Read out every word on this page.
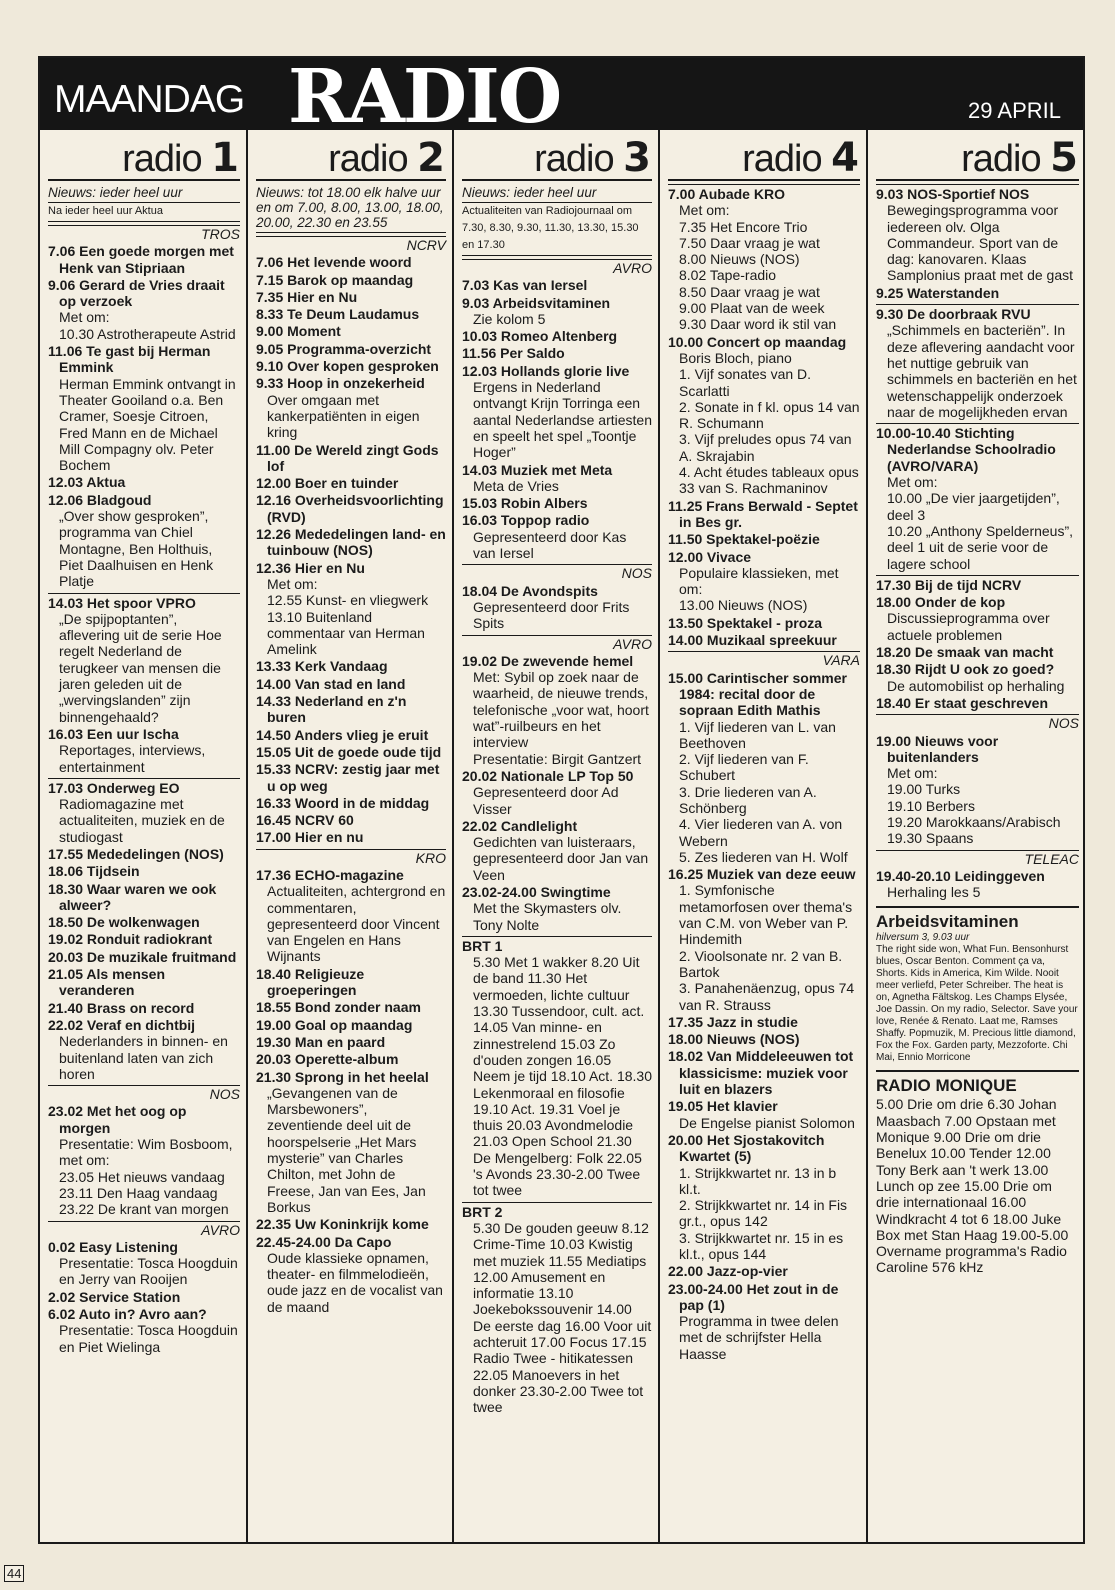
MAANDAG RADIO	29 APRIL
radio 1
Nieuws: ieder heel uur
Na ieder heel uur Aktua
TROS
7.06 Een goede morgen met Henk van Stipriaan
9.06 Gerard de Vries draait op verzoek
Met om:
10.30 Astrotherapeute Astrid
11.06 Te gast bij Herman Emmink
Herman Emmink ontvangt in Theater Gooiland o.a. Ben Cramer, Soesje Citroen, Fred Mann en de Michael Mill Compagny olv. Peter Bochem
12.03 Aktua
12.06 Bladgoud
„Over show gesproken”, programma van Chiel Montagne, Ben Holthuis, Piet Daalhuisen en Henk Platje
14.03 Het spoor VPRO
„De spijpoptanten”, aflevering uit de serie Hoe regelt Nederland de terugkeer van mensen die jaren geleden uit de „wervingslanden” zijn binnengehaald?
16.03 Een uur Ischa
Reportages, interviews, entertainment
17.03 Onderweg EO
Radiomagazine met actualiteiten, muziek en de studiogast
17.55 Mededelingen (NOS)
18.06 Tijdsein
18.30 Waar waren we ook alweer?
18.50 De wolkenwagen
19.02 Ronduit radiokrant
20.03 De muzikale fruitmand
21.05 Als mensen veranderen
21.40 Brass on record
22.02 Veraf en dichtbij
Nederlanders in binnen- en buitenland laten van zich horen
NOS
23.02 Met het oog op morgen
Presentatie: Wim Bosboom, met om:
23.05 Het nieuws vandaag
23.11 Den Haag vandaag
23.22 De krant van morgen
AVRO
0.02 Easy Listening
Presentatie: Tosca Hoogduin en Jerry van Rooijen
2.02 Service Station
6.02 Auto in? Avro aan?
Presentatie: Tosca Hoogduin en Piet Wielinga
radio 2
Nieuws: tot 18.00 elk halve uur en om 7.00, 8.00, 13.00, 18.00, 20.00, 22.30 en 23.55
NCRV
7.06 Het levende woord
7.15 Barok op maandag
7.35 Hier en Nu
8.33 Te Deum Laudamus
9.00 Moment
9.05 Programma-overzicht
9.10 Over kopen gesproken
9.33 Hoop in onzekerheid
Over omgaan met kankerpatiënten in eigen kring
11.00 De Wereld zingt Gods lof
12.00 Boer en tuinder
12.16 Overheidsvoorlichting (RVD)
12.26 Mededelingen land- en tuinbouw (NOS)
12.36 Hier en Nu
Met om:
12.55 Kunst- en vliegwerk
13.10 Buitenland commentaar van Herman Amelink
13.33 Kerk Vandaag
14.00 Van stad en land
14.33 Nederland en z'n buren
14.50 Anders vlieg je eruit
15.05 Uit de goede oude tijd
15.33 NCRV: zestig jaar met u op weg
16.33 Woord in de middag
16.45 NCRV 60
17.00 Hier en nu
KRO
17.36 ECHO-magazine
Actualiteiten, achtergrond en commentaren, gepresenteerd door Vincent van Engelen en Hans Wijnants
18.40 Religieuze groeperingen
18.55 Bond zonder naam
19.00 Goal op maandag
19.30 Man en paard
20.03 Operette-album
21.30 Sprong in het heelal
„Gevangenen van de Marsbewoners”, zeventiende deel uit de hoorspelserie „Het Mars mysterie” van Charles Chilton, met John de Freese, Jan van Ees, Jan Borkus
22.35 Uw Koninkrijk kome
22.45-24.00 Da Capo
Oude klassieke opnamen, theater- en filmmelodieën, oude jazz en de vocalist van de maand
radio 3
Nieuws: ieder heel uur
Actualiteiten van Radiojournaal om 7.30, 8.30, 9.30, 11.30, 13.30, 15.30 en 17.30
AVRO
7.03 Kas van Iersel
9.03 Arbeidsvitaminen
Zie kolom 5
10.03 Romeo Altenberg
11.56 Per Saldo
12.03 Hollands glorie live
Ergens in Nederland ontvangt Krijn Torringa een aantal Nederlandse artiesten en speelt het spel „Toontje Hoger”
14.03 Muziek met Meta
Meta de Vries
15.03 Robin Albers
16.03 Toppop radio
Gepresenteerd door Kas van Iersel
NOS
18.04 De Avondspits
Gepresenteerd door Frits Spits
AVRO
19.02 De zwevende hemel
Met: Sybil op zoek naar de waarheid, de nieuwe trends, telefonische „voor wat, hoort wat”-ruilbeurs en het interview
Presentatie: Birgit Gantzert
20.02 Nationale LP Top 50
Gepresenteerd door Ad Visser
22.02 Candlelight
Gedichten van luisteraars, gepresenteerd door Jan van Veen
23.02-24.00 Swingtime
Met the Skymasters olv. Tony Nolte
BRT 1
5.30 Met 1 wakker 8.20 Uit de band 11.30 Het vermoeden, lichte cultuur 13.30 Tussendoor, cult. act. 14.05 Van minne- en zinnestrelend 15.03 Zo d'ouden zongen 16.05 Neem je tijd 18.10 Act. 18.30 Lekenmoraal en filosofie 19.10 Act. 19.31 Voel je thuis 20.03 Avondmelodie 21.03 Open School 21.30 De Mengelberg: Folk 22.05 's Avonds 23.30-2.00 Twee tot twee
BRT 2
5.30 De gouden geeuw 8.12 Crime-Time 10.03 Kwistig met muziek 11.55 Mediatips 12.00 Amusement en informatie 13.10 Joekebokssouvenir 14.00 De eerste dag 16.00 Voor uit achteruit 17.00 Focus 17.15 Radio Twee - hitikatessen 22.05 Manoevers in het donker 23.30-2.00 Twee tot twee
radio 4
7.00 Aubade KRO
Met om:
7.35 Het Encore Trio
7.50 Daar vraag je wat
8.00 Nieuws (NOS)
8.02 Tape-radio
8.50 Daar vraag je wat
9.00 Plaat van de week
9.30 Daar word ik stil van
10.00 Concert op maandag
Boris Bloch, piano
1. Vijf sonates van D. Scarlatti
2. Sonate in f kl. opus 14 van R. Schumann
3. Vijf preludes opus 74 van A. Skrajabin
4. Acht études tableaux opus 33 van S. Rachmaninov
11.25 Frans Berwald - Septet in Bes gr.
11.50 Spektakel-poëzie
12.00 Vivace
Populaire klassieken, met om:
13.00 Nieuws (NOS)
13.50 Spektakel - proza
14.00 Muzikaal spreekuur
VARA
15.00 Carintischer sommer 1984: recital door de sopraan Edith Mathis
1. Vijf liederen van L. van Beethoven
2. Vijf liederen van F. Schubert
3. Drie liederen van A. Schönberg
4. Vier liederen van A. von Webern
5. Zes liederen van H. Wolf
16.25 Muziek van deze eeuw
1. Symfonische metamorfosen over thema's van C.M. von Weber van P. Hindemith
2. Vioolsonate nr. 2 van B. Bartok
3. Panahenäenzug, opus 74 van R. Strauss
17.35 Jazz in studie
18.00 Nieuws (NOS)
18.02 Van Middeleeuwen tot klassicisme: muziek voor luit en blazers
19.05 Het klavier
De Engelse pianist Solomon
20.00 Het Sjostakovitch Kwartet (5)
1. Strijkkwartet nr. 13 in b kl.t.
2. Strijkkwartet nr. 14 in Fis gr.t., opus 142
3. Strijkkwartet nr. 15 in es kl.t., opus 144
22.00 Jazz-op-vier
23.00-24.00 Het zout in de pap (1)
Programma in twee delen met de schrijfster Hella Haasse
radio 5
9.03 NOS-Sportief NOS
Bewegingsprogramma voor iedereen olv. Olga Commandeur. Sport van de dag: kanovaren. Klaas Samplonius praat met de gast
9.25 Waterstanden
9.30 De doorbraak RVU
„Schimmels en bacteriën”. In deze aflevering aandacht voor het nuttige gebruik van schimmels en bacteriën en het wetenschappelijk onderzoek naar de mogelijkheden ervan
10.00-10.40 Stichting Nederlandse Schoolradio (AVRO/VARA)
Met om:
10.00 „De vier jaargetijden”, deel 3
10.20 „Anthony Spelderneus”, deel 1 uit de serie voor de lagere school
17.30 Bij de tijd NCRV
18.00 Onder de kop
Discussieprogramma over actuele problemen
18.20 De smaak van macht
18.30 Rijdt U ook zo goed?
De automobilist op herhaling
18.40 Er staat geschreven
NOS
19.00 Nieuws voor buitenlanders
Met om:
19.00 Turks
19.10 Berbers
19.20 Marokkaans/Arabisch
19.30 Spaans
TELEAC
19.40-20.10 Leidinggeven
Herhaling les 5
Arbeidsvitaminen
hilversum 3, 9.03 uur
The right side won, What Fun. Bensonhurst blues, Oscar Benton. Comment ça va, Shorts. Kids in America, Kim Wilde. Nooit meer verliefd, Peter Schreiber. The heat is on, Agnetha Fältskog. Les Champs Elysée, Joe Dassin. On my radio, Selector. Save your love, Renée & Renato. Laat me, Ramses Shaffy. Popmuzik, M. Precious little diamond, Fox the Fox. Garden party, Mezzoforte. Chi Mai, Ennio Morricone
RADIO MONIQUE
5.00 Drie om drie 6.30 Johan Maasbach 7.00 Opstaan met Monique 9.00 Drie om drie Benelux 10.00 Tender 12.00 Tony Berk aan 't werk 13.00 Lunch op zee 15.00 Drie om drie internationaal 16.00 Windkracht 4 tot 6 18.00 Juke Box met Stan Haag 19.00-5.00 Overname programma's Radio Caroline 576 kHz
44
